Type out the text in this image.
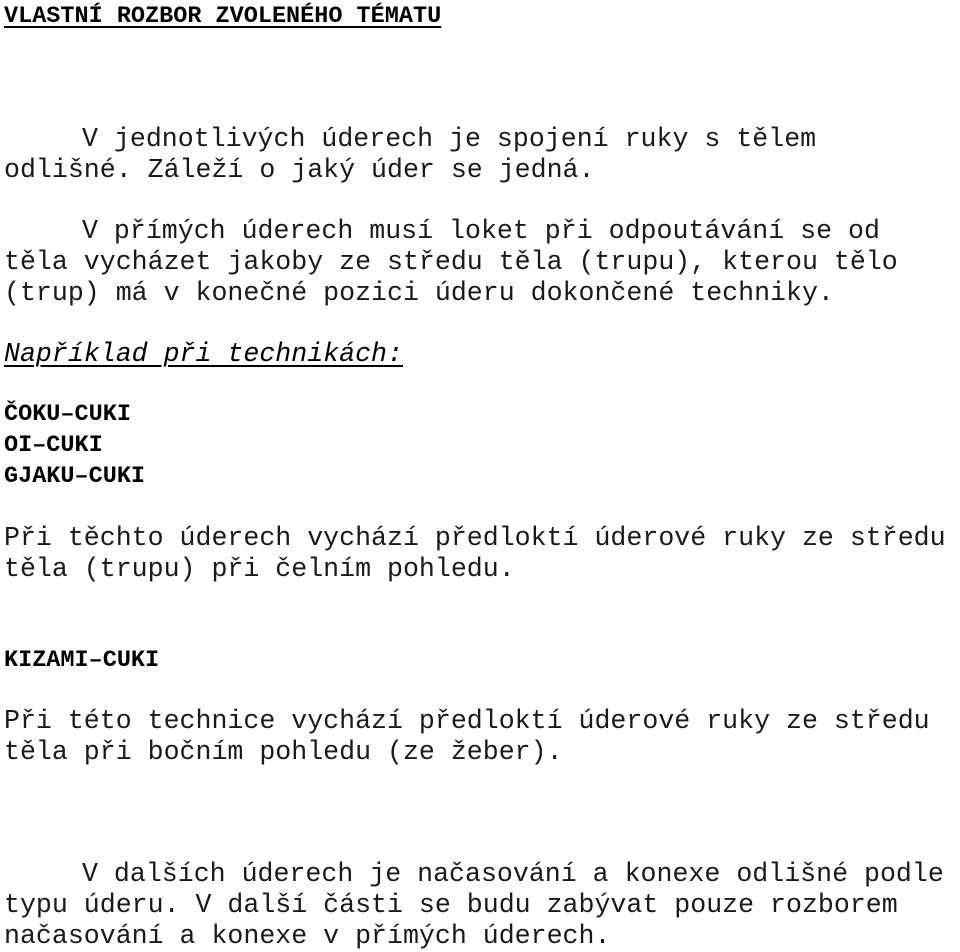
VLASTNÍ ROZBOR ZVOLENÉHO TÉMATU
V jednotlivých úderech je spojení ruky s tělem
odlišné. Záleží o jaký úder se jedná.
V přímých úderech musí loket při odpoutávání se od
těla vycházet jakoby ze středu těla (trupu), kterou tělo
(trup) má v konečné pozici úderu dokončené techniky.
Například při technikách:
ČOKU–CUKI
OI–CUKI
GJAKU–CUKI
Při těchto úderech vychází předloktí úderové ruky ze středu
těla (trupu) při čelním pohledu.
KIZAMI–CUKI
Při této technice vychází předloktí úderové ruky ze středu
těla při bočním pohledu (ze žeber).
V dalších úderech je načasování a konexe odlišné podle
typu úderu. V další části se budu zabývat pouze rozborem
načasování a konexe v přímých úderech.
